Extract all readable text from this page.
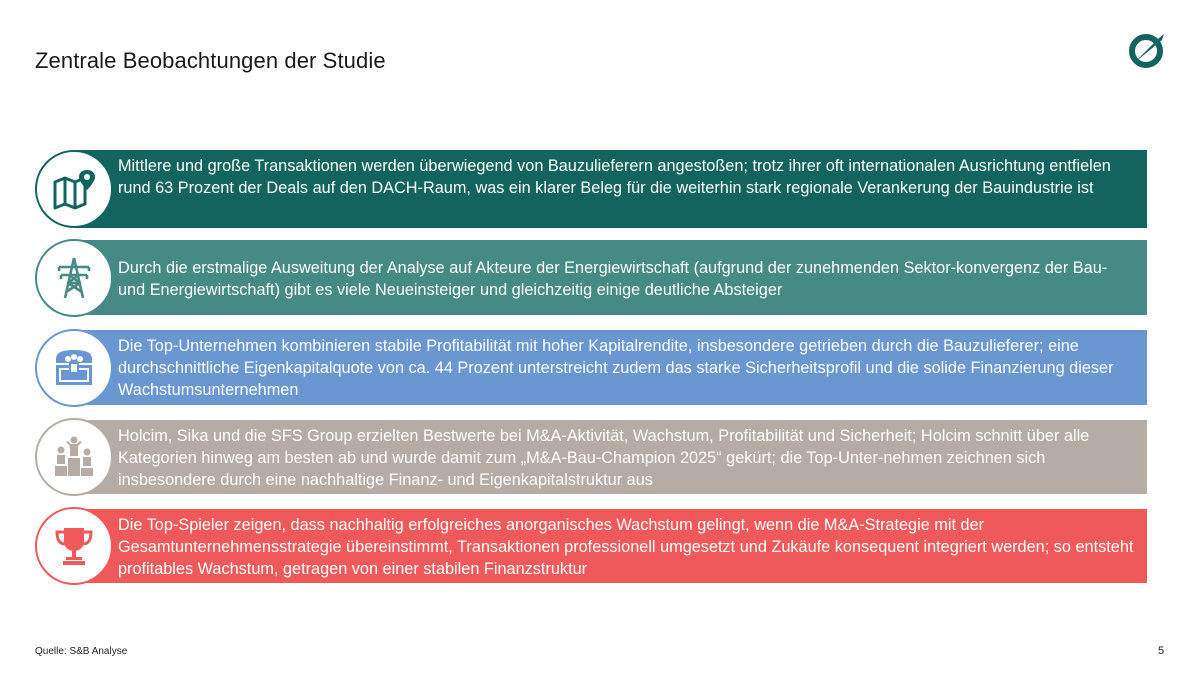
Zentrale Beobachtungen der Studie
Mittlere und große Transaktionen werden überwiegend von Bauzulieferern angestoßen; trotz ihrer oft internationalen Ausrichtung entfielen rund 63 Prozent der Deals auf den DACH-Raum, was ein klarer Beleg für die weiterhin stark regionale Verankerung der Bauindustrie ist
Durch die erstmalige Ausweitung der Analyse auf Akteure der Energiewirtschaft (aufgrund der zunehmenden Sektor-konvergenz der Bau- und Energiewirtschaft) gibt es viele Neueinsteiger und gleichzeitig einige deutliche Absteiger
Die Top-Unternehmen kombinieren stabile Profitabilität mit hoher Kapitalrendite, insbesondere getrieben durch die Bauzulieferer; eine durchschnittliche Eigenkapitalquote von ca. 44 Prozent unterstreicht zudem das starke Sicherheitsprofil und die solide Finanzierung dieser Wachstumsunternehmen
Holcim, Sika und die SFS Group erzielten Bestwerte bei M&A-Aktivität, Wachstum, Profitabilität und Sicherheit; Holcim schnitt über alle Kategorien hinweg am besten ab und wurde damit zum „M&A-Bau-Champion 2025“ gekürt; die Top-Unter-nehmen zeichnen sich insbesondere durch eine nachhaltige Finanz- und Eigenkapitalstruktur aus
Die Top-Spieler zeigen, dass nachhaltig erfolgreiches anorganisches Wachstum gelingt, wenn die M&A-Strategie mit der Gesamtunternehmensstrategie übereinstimmt, Transaktionen professionell umgesetzt und Zukäufe konsequent integriert werden; so entsteht profitables Wachstum, getragen von einer stabilen Finanzstruktur
Quelle: S&B Analyse	5
